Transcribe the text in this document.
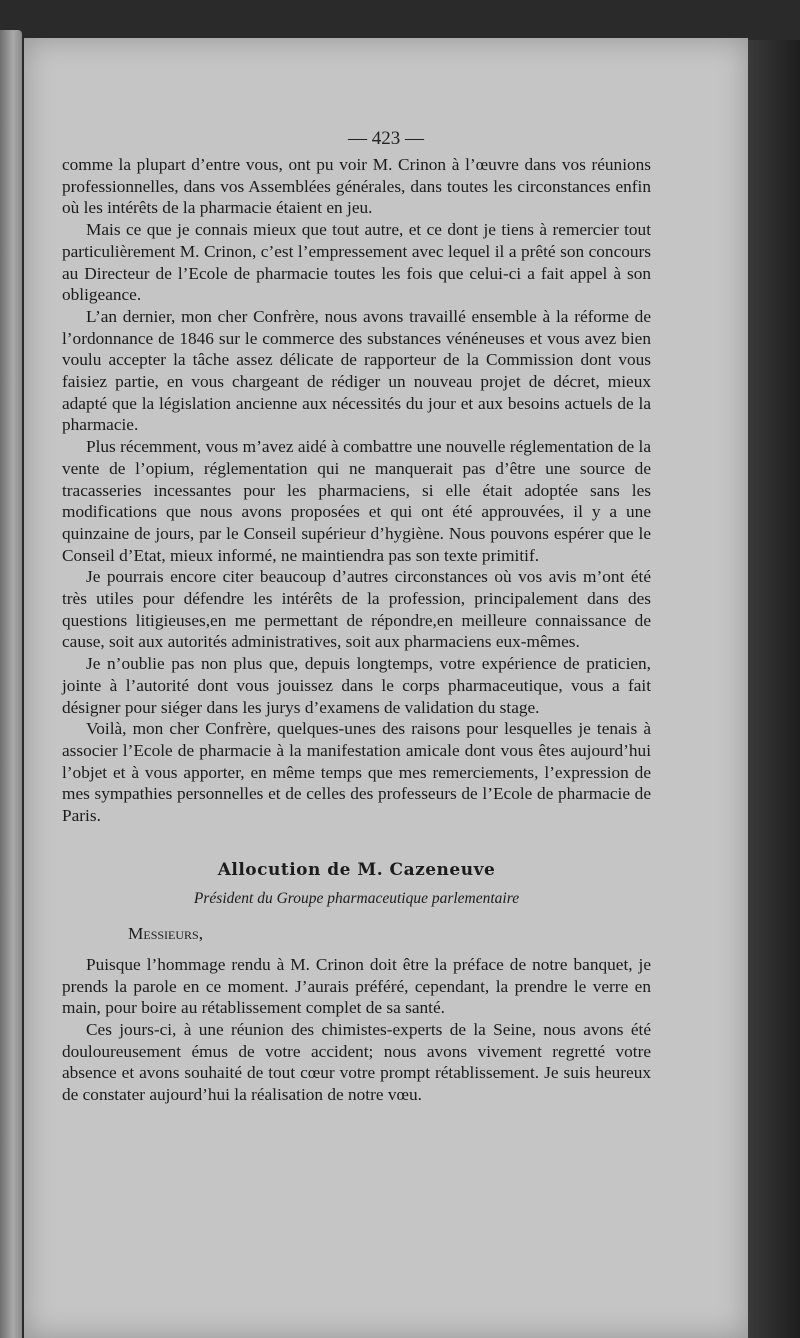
— 423 —

comme la plupart d’entre vous, ont pu voir M. Crinon à l’œuvre dans vos réunions professionnelles, dans vos Assemblées générales, dans toutes les circonstances enfin où les intérêts de la pharmacie étaient en jeu.

Mais ce que je connais mieux que tout autre, et ce dont je tiens à remercier tout particulièrement M. Crinon, c’est l’empressement avec lequel il a prêté son concours au Directeur de l’Ecole de pharmacie toutes les fois que celui-ci a fait appel à son obligeance.

L’an dernier, mon cher Confrère, nous avons travaillé ensemble à la réforme de l’ordonnance de 1846 sur le commerce des substances vénéneuses et vous avez bien voulu accepter la tâche assez délicate de rapporteur de la Commission dont vous faisiez partie, en vous chargeant de rédiger un nouveau projet de décret, mieux adapté que la législation ancienne aux nécessités du jour et aux besoins actuels de la pharmacie.

Plus récemment, vous m’avez aidé à combattre une nouvelle réglementation de la vente de l’opium, réglementation qui ne manquerait pas d’être une source de tracasseries incessantes pour les pharmaciens, si elle était adoptée sans les modifications que nous avons proposées et qui ont été approuvées, il y a une quinzaine de jours, par le Conseil supérieur d’hygiène. Nous pouvons espérer que le Conseil d’Etat, mieux informé, ne maintiendra pas son texte primitif.

Je pourrais encore citer beaucoup d’autres circonstances où vos avis m’ont été très utiles pour défendre les intérêts de la profession, principalement dans des questions litigieuses,en me permettant de répondre,en meilleure connaissance de cause, soit aux autorités administratives, soit aux pharmaciens eux-mêmes.

Je n’oublie pas non plus que, depuis longtemps, votre expérience de praticien, jointe à l’autorité dont vous jouissez dans le corps pharmaceutique, vous a fait désigner pour siéger dans les jurys d’examens de validation du stage.

Voilà, mon cher Confrère, quelques-unes des raisons pour lesquelles je tenais à associer l’Ecole de pharmacie à la manifestation amicale dont vous êtes aujourd’hui l’objet et à vous apporter, en même temps que mes remerciements, l’expression de mes sympathies personnelles et de celles des professeurs de l’Ecole de pharmacie de Paris.

Allocution de M. Cazeneuve
Président du Groupe pharmaceutique parlementaire
Messieurs,

Puisque l’hommage rendu à M. Crinon doit être la préface de notre banquet, je prends la parole en ce moment. J’aurais préféré, cependant, la prendre le verre en main, pour boire au rétablissement complet de sa santé.

Ces jours-ci, à une réunion des chimistes-experts de la Seine, nous avons été douloureusement émus de votre accident; nous avons vivement regretté votre absence et avons souhaité de tout cœur votre prompt rétablissement. Je suis heureux de constater aujourd’hui la réalisation de notre vœu.
